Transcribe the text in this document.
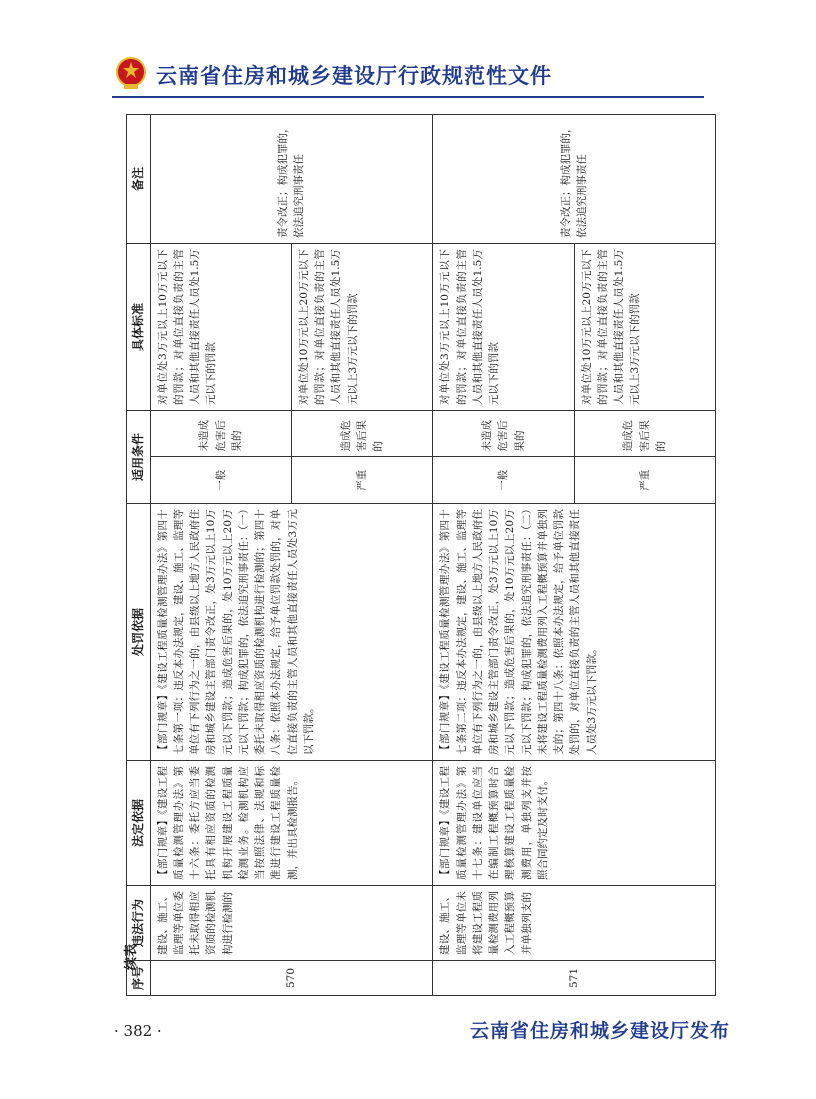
云南省住房和城乡建设厅行政规范性文件
续表
序号	违法行为	法定依据	处罚依据	适用条件		具体标准	备注
570	建设、施工、监理等单位委托未取得相应资质的检测机构进行检测的	【部门规章】《建设工程质量检测管理办法》第十六条：委托方应当委托具有相应资质的检测机构开展建设工程质量检测业务。检测机构应当按照法律、法规和标准进行建设工程质量检测，并出具检测报告。	【部门规章】《建设工程质量检测管理办法》第四十七条第一项：违反本办法规定，建设、施工、监理等单位有下列行为之一的，由县级以上地方人民政府住房和城乡建设主管部门责令改正，处3万元以上10万元以下罚款；造成危害后果的，处10万元以上20万元以下罚款；构成犯罪的，依法追究刑事责任：（一）委托未取得相应资质的检测机构进行检测的；第四十八条：依照本办法规定，给予单位罚款处罚的，对单位直接负责的主管人员和其他直接责任人员处3万元以下罚款。	一般	未造成危害后果的	对单位处3万元以上10万元以下的罚款；对单位直接负责的主管人员和其他直接责任人员处1.5万元以下的罚款	责令改正；构成犯罪的，依法追究刑事责任
				严重	造成危害后果的	对单位处10万元以上20万元以下的罚款；对单位直接负责的主管人员和其他直接责任人员处1.5万元以上3万元以下的罚款	
571	建设、施工、监理等单位未将建设工程质量检测费用列入工程概预算并单独列支的	【部门规章】《建设工程质量检测管理办法》第十七条：建设单位应当在编制工程概预算时合理核算建设工程质量检测费用，单独列支并按照合同约定及时支付。	【部门规章】《建设工程质量检测管理办法》第四十七条第二项：违反本办法规定，建设、施工、监理等单位有下列行为之一的，由县级以上地方人民政府住房和城乡建设主管部门责令改正，处3万元以上10万元以下罚款；造成危害后果的，处10万元以上20万元以下罚款；构成犯罪的，依法追究刑事责任：（二）未将建设工程质量检测费用列入工程概预算并单独列支的；第四十八条：依照本办法规定，给予单位罚款处罚的，对单位直接负责的主管人员和其他直接责任人员处3万元以下罚款。	一般	未造成危害后果的	对单位处3万元以上10万元以下的罚款；对单位直接负责的主管人员和其他直接责任人员处1.5万元以下的罚款	责令改正；构成犯罪的，依法追究刑事责任
				严重	造成危害后果的	对单位处10万元以上20万元以下的罚款；对单位直接负责的主管人员和其他直接责任人员处1.5万元以上3万元以下的罚款	
· 382 ·	云南省住房和城乡建设厅发布
